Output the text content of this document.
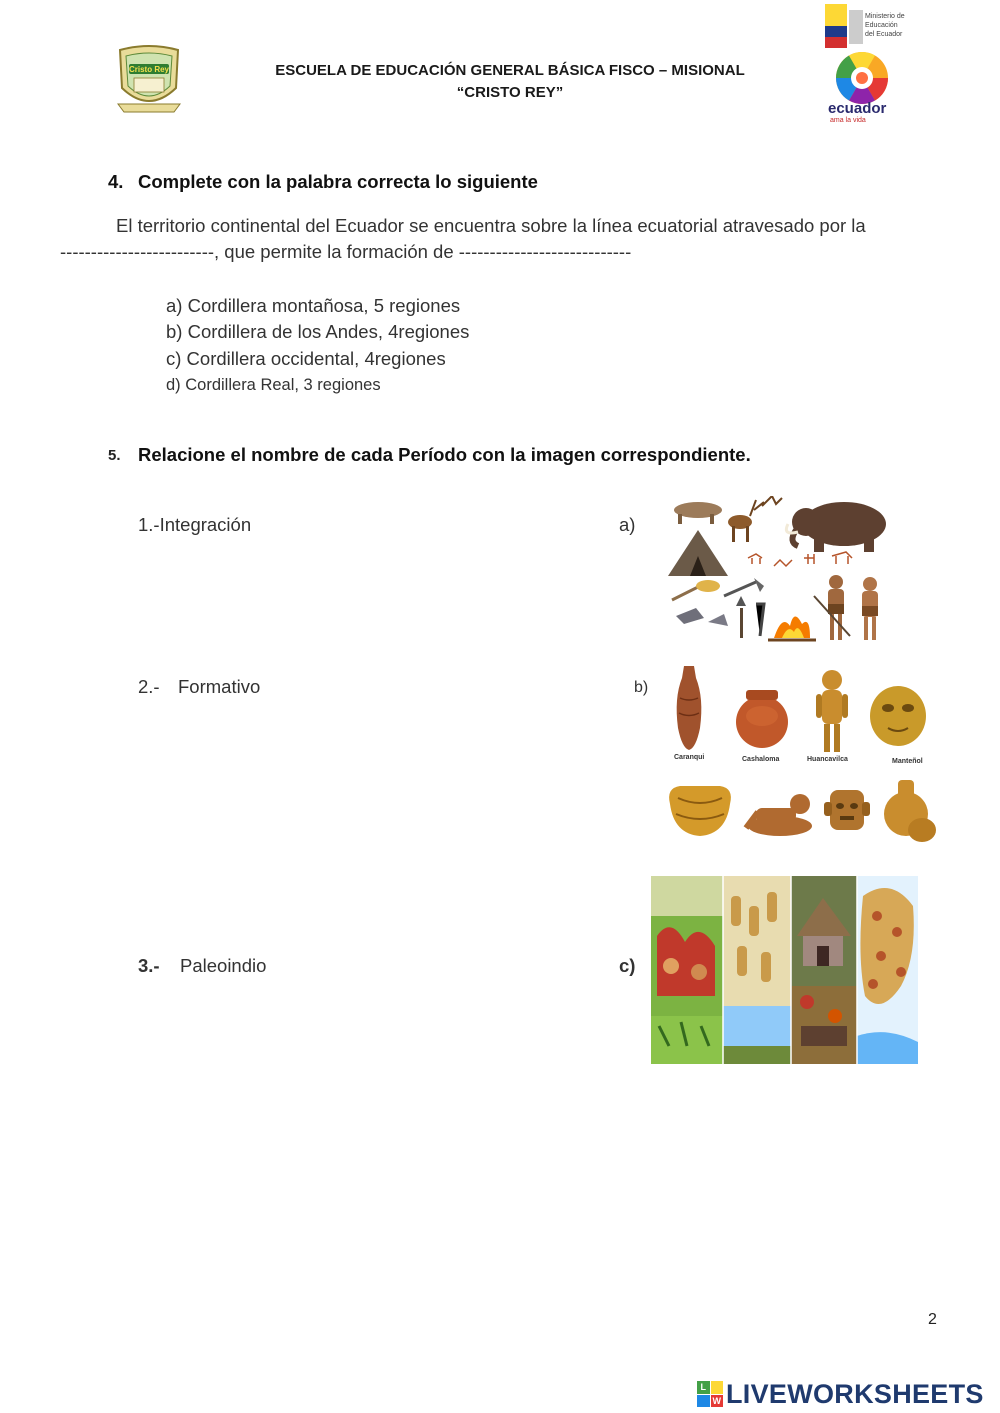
Cristo Rey	ESCUELA DE EDUCACIÓN GENERAL BÁSICA FISCO – MISIONAL
“CRISTO REY”
Ministerio de
Educación
del Ecuador
ecuador
ama la vida
4. Complete con la palabra correcta lo siguiente
El territorio continental del Ecuador se encuentra sobre la línea ecuatorial atravesado por la
-------------------------, que permite la formación de ----------------------------
a) Cordillera montañosa, 5 regiones
b) Cordillera de los Andes, 4regiones
c) Cordillera occidental, 4regiones
d) Cordillera Real, 3 regiones
5. Relacione el nombre de cada Período con la imagen correspondiente.
1.-Integración	a)
2.- Formativo	b)
Caranqui	Cashaloma	Huancavilca	Manteñol
3.- Paleoindio	c)
2
L
W LIVEWORKSHEETS
